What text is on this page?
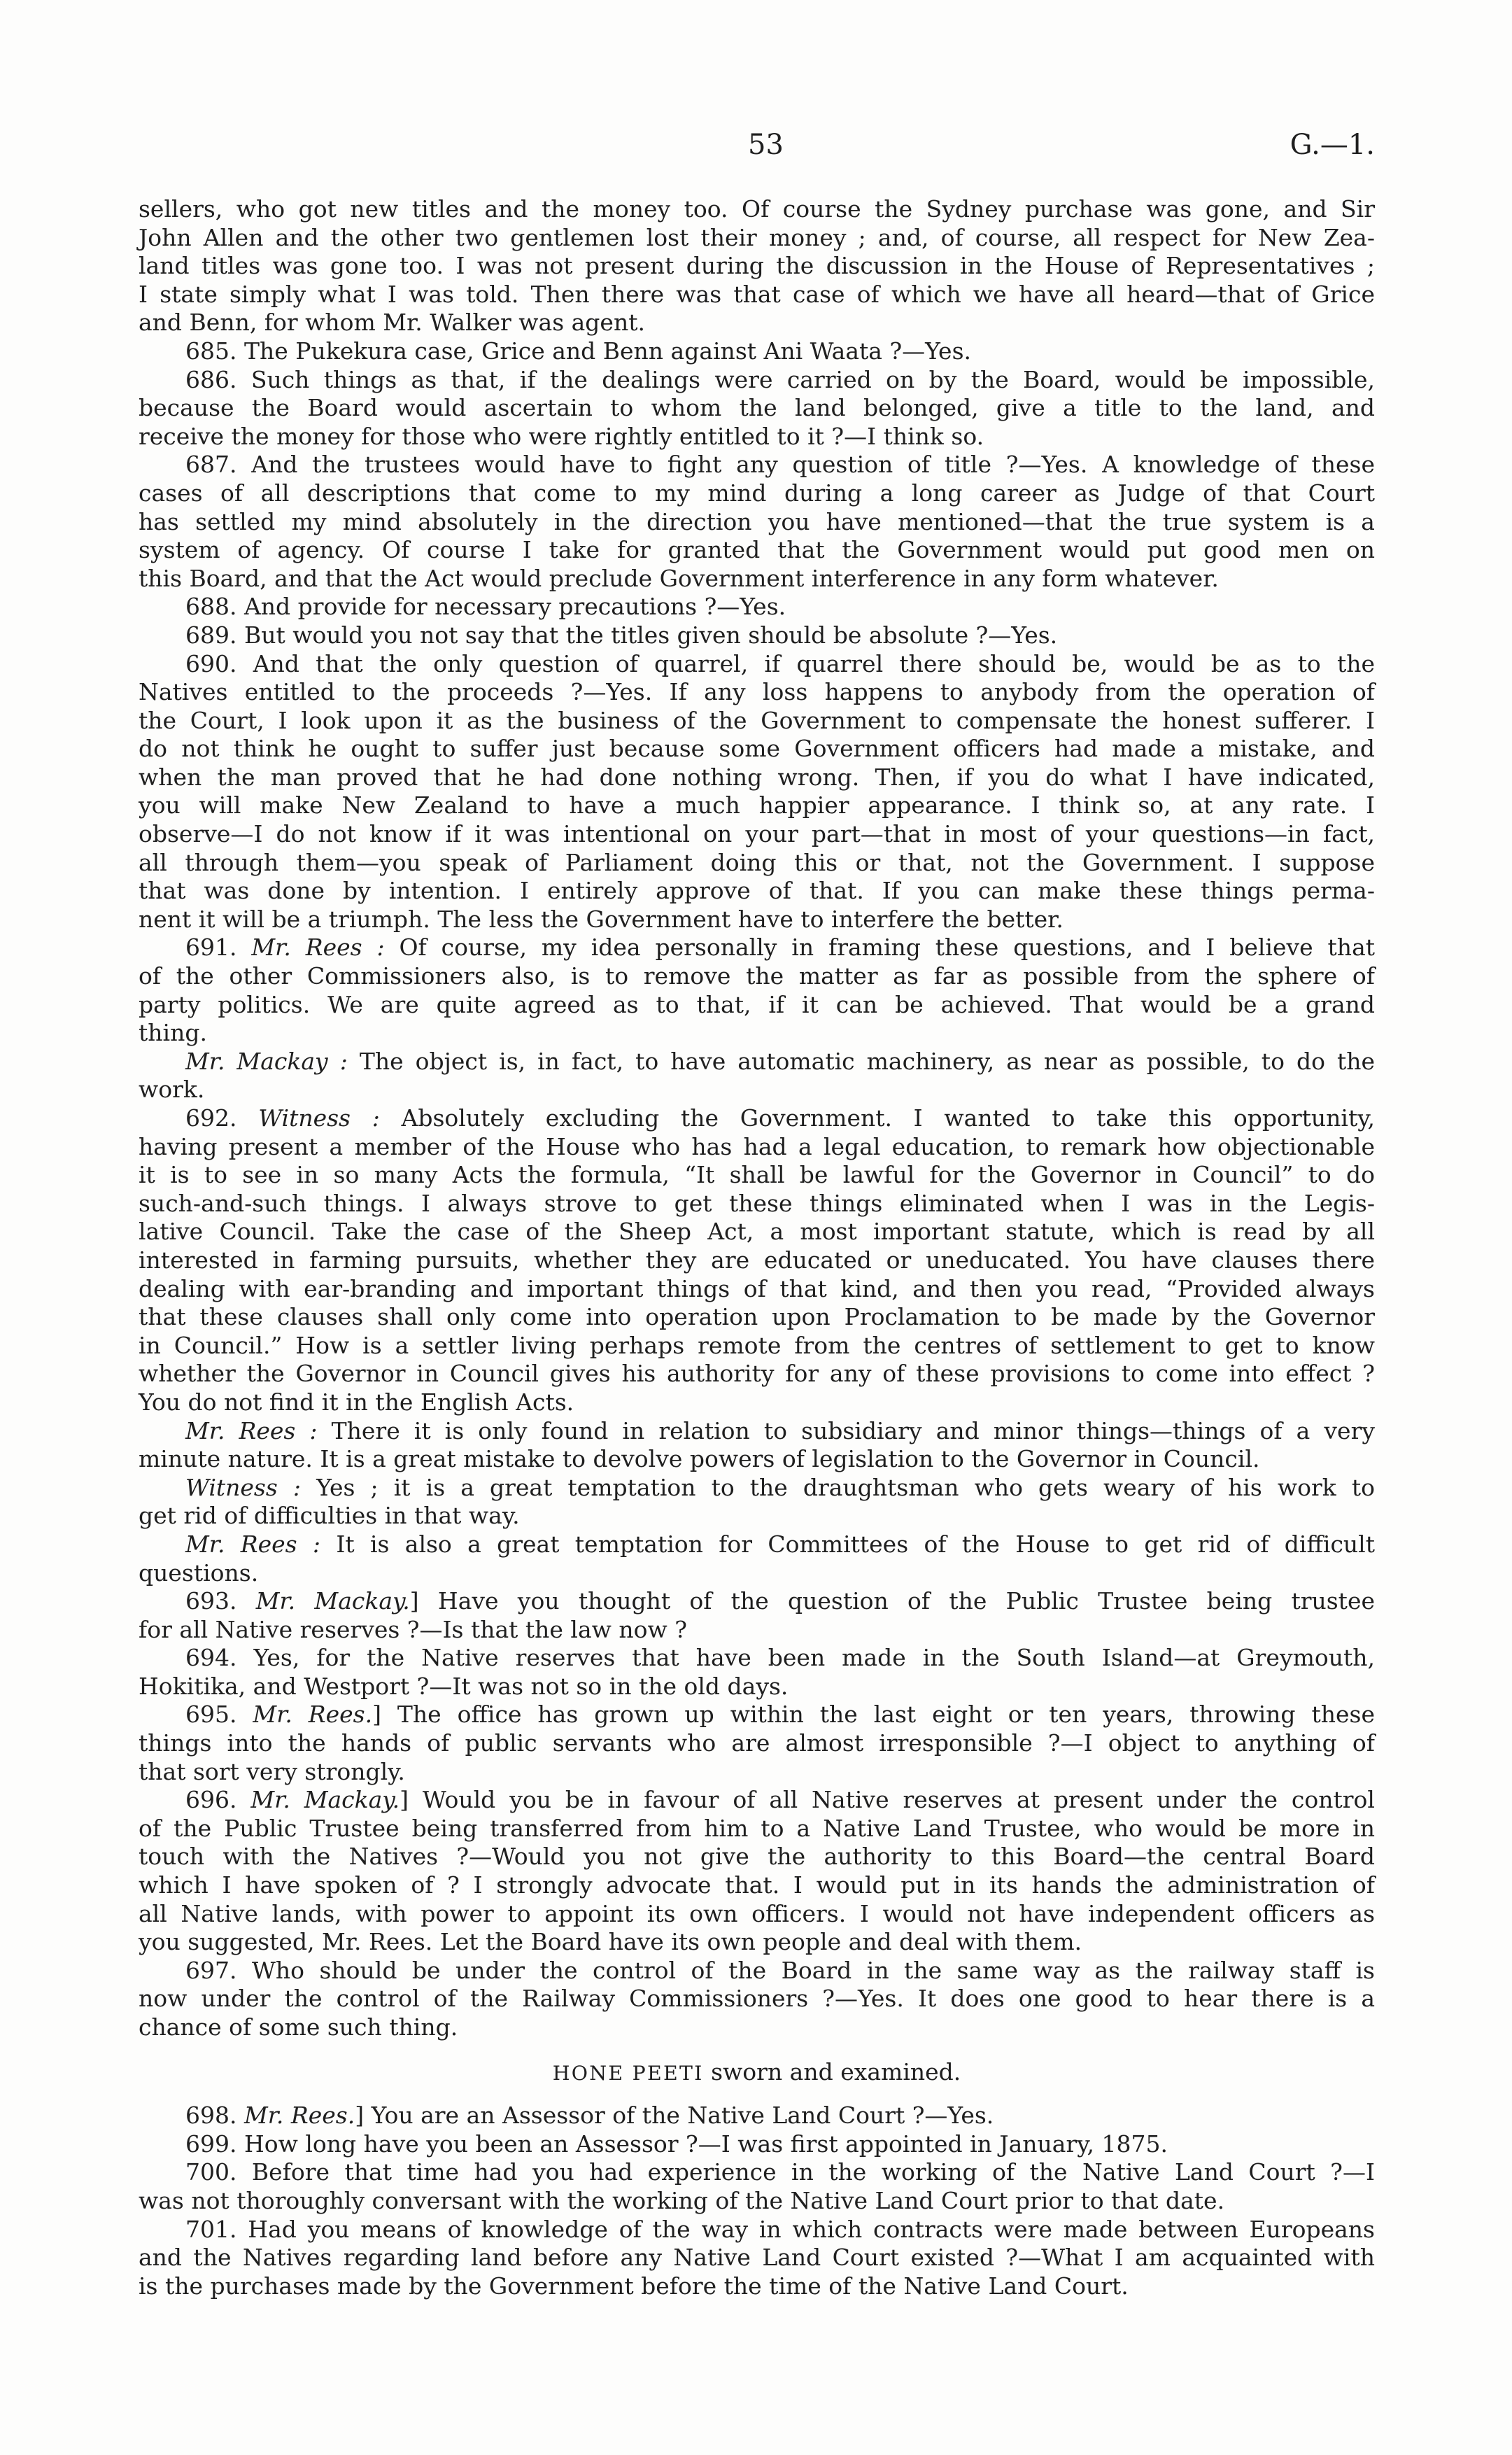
53	G.—1.
sellers, who got new titles and the money too. Of course the Sydney purchase was gone, and Sir
John Allen and the other two gentlemen lost their money ; and, of course, all respect for New Zea-
land titles was gone too. I was not present during the discussion in the House of Representatives ;
I state simply what I was told. Then there was that case of which we have all heard—that of Grice
and Benn, for whom Mr. Walker was agent.
685. The Pukekura case, Grice and Benn against Ani Waata ?—Yes.
686. Such things as that, if the dealings were carried on by the Board, would be impossible,
because the Board would ascertain to whom the land belonged, give a title to the land, and
receive the money for those who were rightly entitled to it ?—I think so.
687. And the trustees would have to fight any question of title ?—Yes. A knowledge of these
cases of all descriptions that come to my mind during a long career as Judge of that Court
has settled my mind absolutely in the direction you have mentioned—that the true system is a
system of agency. Of course I take for granted that the Government would put good men on
this Board, and that the Act would preclude Government interference in any form whatever.
688. And provide for necessary precautions ?—Yes.
689. But would you not say that the titles given should be absolute ?—Yes.
690. And that the only question of quarrel, if quarrel there should be, would be as to the
Natives entitled to the proceeds ?—Yes. If any loss happens to anybody from the operation of
the Court, I look upon it as the business of the Government to compensate the honest sufferer. I
do not think he ought to suffer just because some Government officers had made a mistake, and
when the man proved that he had done nothing wrong. Then, if you do what I have indicated,
you will make New Zealand to have a much happier appearance. I think so, at any rate. I
observe—I do not know if it was intentional on your part—that in most of your questions—in fact,
all through them—you speak of Parliament doing this or that, not the Government. I suppose
that was done by intention. I entirely approve of that. If you can make these things perma-
nent it will be a triumph. The less the Government have to interfere the better.
691. Mr. Rees : Of course, my idea personally in framing these questions, and I believe that
of the other Commissioners also, is to remove the matter as far as possible from the sphere of
party politics. We are quite agreed as to that, if it can be achieved. That would be a grand
thing.
Mr. Mackay : The object is, in fact, to have automatic machinery, as near as possible, to do the
work.
692. Witness : Absolutely excluding the Government. I wanted to take this opportunity,
having present a member of the House who has had a legal education, to remark how objectionable
it is to see in so many Acts the formula, “It shall be lawful for the Governor in Council” to do
such-and-such things. I always strove to get these things eliminated when I was in the Legis-
lative Council. Take the case of the Sheep Act, a most important statute, which is read by all
interested in farming pursuits, whether they are educated or uneducated. You have clauses there
dealing with ear-branding and important things of that kind, and then you read, “Provided always
that these clauses shall only come into operation upon Proclamation to be made by the Governor
in Council.” How is a settler living perhaps remote from the centres of settlement to get to know
whether the Governor in Council gives his authority for any of these provisions to come into effect ?
You do not find it in the English Acts.
Mr. Rees : There it is only found in relation to subsidiary and minor things—things of a very
minute nature. It is a great mistake to devolve powers of legislation to the Governor in Council.
Witness : Yes ; it is a great temptation to the draughtsman who gets weary of his work to
get rid of difficulties in that way.
Mr. Rees : It is also a great temptation for Committees of the House to get rid of difficult
questions.
693. Mr. Mackay.] Have you thought of the question of the Public Trustee being trustee
for all Native reserves ?—Is that the law now ?
694. Yes, for the Native reserves that have been made in the South Island—at Greymouth,
Hokitika, and Westport ?—It was not so in the old days.
695. Mr. Rees.] The office has grown up within the last eight or ten years, throwing these
things into the hands of public servants who are almost irresponsible ?—I object to anything of
that sort very strongly.
696. Mr. Mackay.] Would you be in favour of all Native reserves at present under the control
of the Public Trustee being transferred from him to a Native Land Trustee, who would be more in
touch with the Natives ?—Would you not give the authority to this Board—the central Board
which I have spoken of ? I strongly advocate that. I would put in its hands the administration of
all Native lands, with power to appoint its own officers. I would not have independent officers as
you suggested, Mr. Rees. Let the Board have its own people and deal with them.
697. Who should be under the control of the Board in the same way as the railway staff is
now under the control of the Railway Commissioners ?—Yes. It does one good to hear there is a
chance of some such thing.
HONE PEETI sworn and examined.
698. Mr. Rees.] You are an Assessor of the Native Land Court ?—Yes.
699. How long have you been an Assessor ?—I was first appointed in January, 1875.
700. Before that time had you had experience in the working of the Native Land Court ?—I
was not thoroughly conversant with the working of the Native Land Court prior to that date.
701. Had you means of knowledge of the way in which contracts were made between Europeans
and the Natives regarding land before any Native Land Court existed ?—What I am acquainted with
is the purchases made by the Government before the time of the Native Land Court.
